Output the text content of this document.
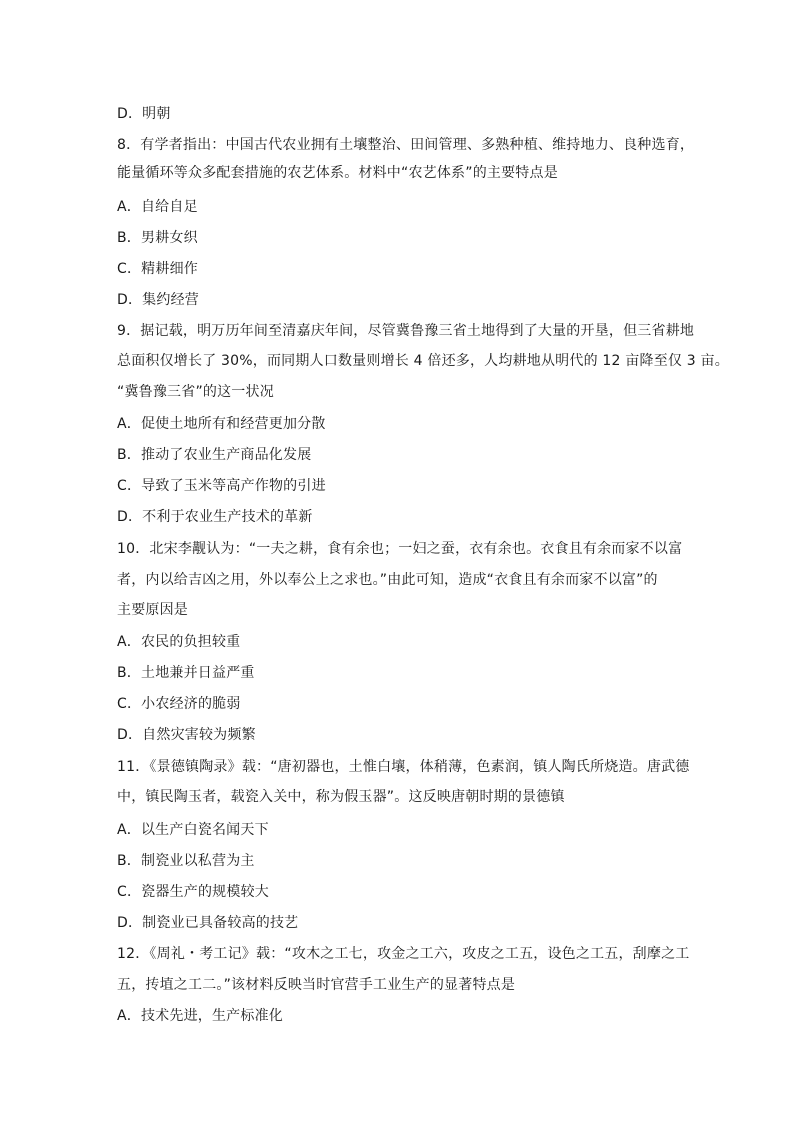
D．明朝
8．有学者指出：中国古代农业拥有土壤整治、田间管理、多熟种植、维持地力、良种选育，
能量循环等众多配套措施的农艺体系。材料中“农艺体系”的主要特点是
A．自给自足
B．男耕女织
C．精耕细作
D．集约经营
9．据记载，明万历年间至清嘉庆年间，尽管冀鲁豫三省土地得到了大量的开垦，但三省耕地
总面积仅增长了 30%，而同期人口数量则增长 4 倍还多，人均耕地从明代的 12 亩降至仅 3 亩。
“冀鲁豫三省”的这一状况
A．促使土地所有和经营更加分散
B．推动了农业生产商品化发展
C．导致了玉米等高产作物的引进
D．不利于农业生产技术的革新
10．北宋李觏认为：“一夫之耕，食有余也；一妇之蚕，衣有余也。衣食且有余而家不以富
者，内以给吉凶之用，外以奉公上之求也。”由此可知，造成“衣食且有余而家不以富”的
主要原因是
A．农民的负担较重
B．土地兼并日益严重
C．小农经济的脆弱
D．自然灾害较为频繁
11．《景德镇陶录》载：“唐初器也，土惟白壤，体稍薄，色素润，镇人陶氏所烧造。唐武德
中，镇民陶玉者，载瓷入关中，称为假玉器”。这反映唐朝时期的景德镇
A．以生产白瓷名闻天下
B．制瓷业以私营为主
C．瓷器生产的规模较大
D．制瓷业已具备较高的技艺
12．《周礼・考工记》载：“攻木之工七，攻金之工六，攻皮之工五，设色之工五，刮摩之工
五，抟埴之工二。”该材料反映当时官营手工业生产的显著特点是
A．技术先进，生产标准化
